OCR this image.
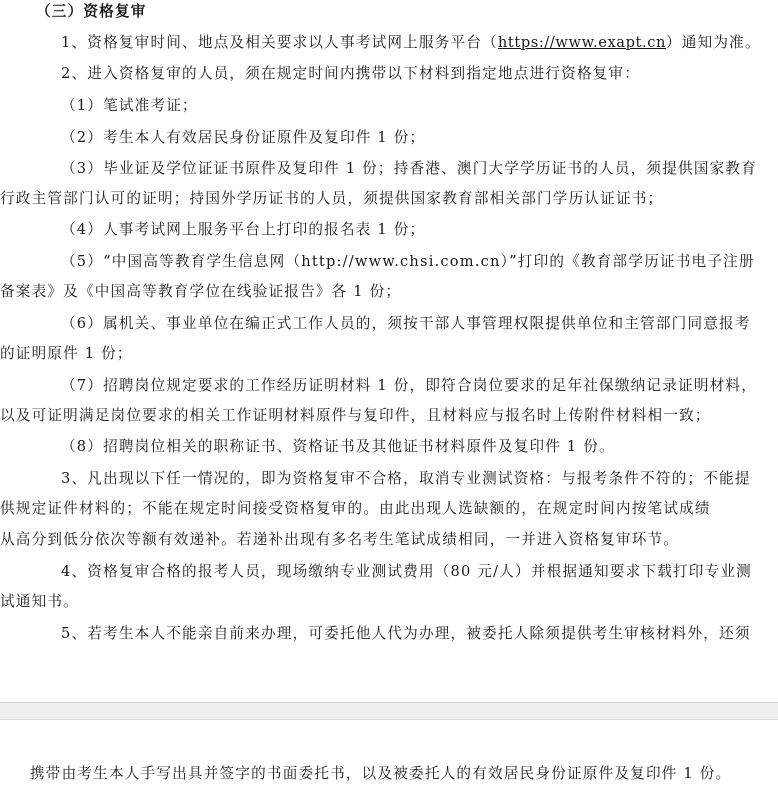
（三）资格复审
1、资格复审时间、地点及相关要求以人事考试网上服务平台（https://www.exapt.cn）通知为准。
2、进入资格复审的人员，须在规定时间内携带以下材料到指定地点进行资格复审：
（1）笔试准考证；
（2）考生本人有效居民身份证原件及复印件 1 份；
（3）毕业证及学位证证书原件及复印件 1 份；持香港、澳门大学学历证书的人员，须提供国家教育
行政主管部门认可的证明；持国外学历证书的人员，须提供国家教育部相关部门学历认证证书；
（4）人事考试网上服务平台上打印的报名表 1 份；
（5）“中国高等教育学生信息网（http://www.chsi.com.cn）”打印的《教育部学历证书电子注册
备案表》及《中国高等教育学位在线验证报告》各 1 份；
（6）属机关、事业单位在编正式工作人员的，须按干部人事管理权限提供单位和主管部门同意报考
的证明原件 1 份；
（7）招聘岗位规定要求的工作经历证明材料 1 份，即符合岗位要求的足年社保缴纳记录证明材料，
以及可证明满足岗位要求的相关工作证明材料原件与复印件，且材料应与报名时上传附件材料相一致；
（8）招聘岗位相关的职称证书、资格证书及其他证书材料原件及复印件 1 份。
3、凡出现以下任一情况的，即为资格复审不合格，取消专业测试资格：与报考条件不符的；不能提
供规定证件材料的；不能在规定时间接受资格复审的。由此出现人选缺额的，在规定时间内按笔试成绩
从高分到低分依次等额有效递补。若递补出现有多名考生笔试成绩相同，一并进入资格复审环节。
4、资格复审合格的报考人员，现场缴纳专业测试费用（80 元/人）并根据通知要求下载打印专业测
试通知书。
5、若考生本人不能亲自前来办理，可委托他人代为办理，被委托人除须提供考生审核材料外，还须
携带由考生本人手写出具并签字的书面委托书，以及被委托人的有效居民身份证原件及复印件 1 份。
